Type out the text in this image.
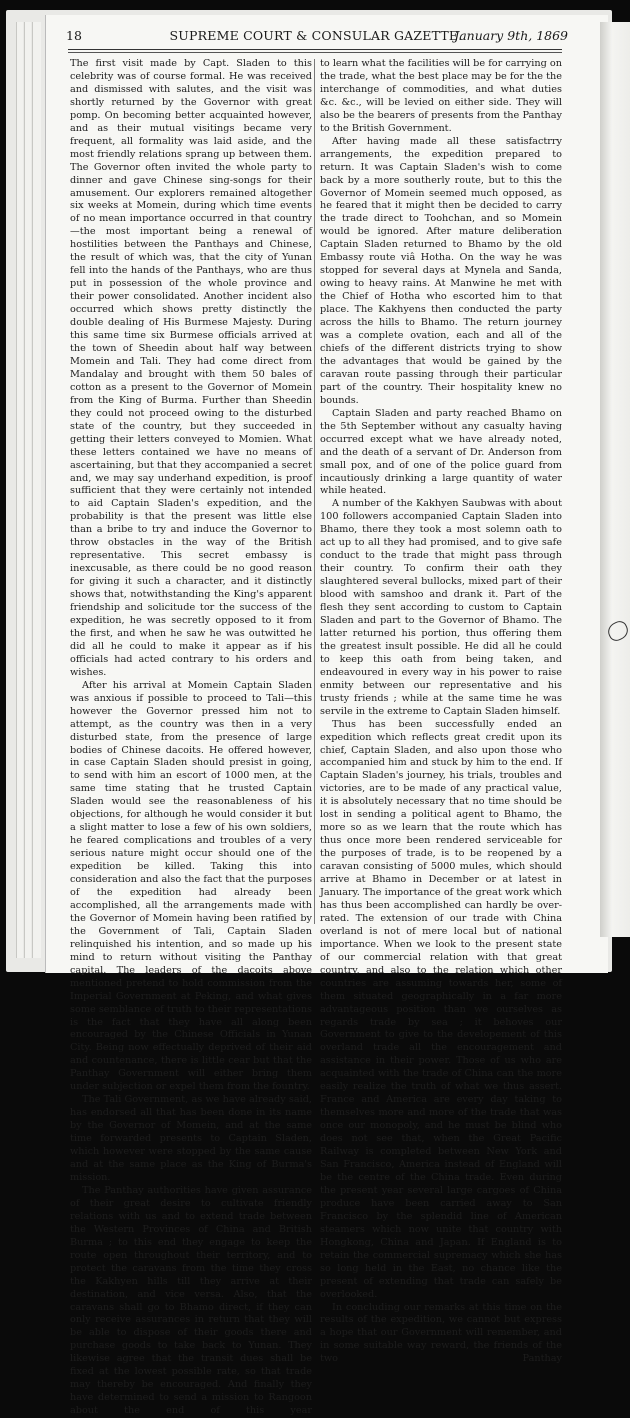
18	SUPREME COURT & CONSULAR GAZETTE.
January 9th, 1869

The first visit made by Capt. Sladen to this celebrity was of course formal. He was received and dismissed with salutes, and the visit was shortly returned by the Governor with great pomp. On becoming better acquainted however, and as their mutual visitings became very frequent, all formality was laid aside, and the most friendly relations sprang up between them. The Governor often invited the whole party to dinner and gave Chinese sing-songs for their amusement. Our explorers remained altogether six weeks at Momein, during which time events of no mean importance occurred in that country—the most important being a renewal of hostilities between the Panthays and Chinese, the result of which was, that the city of Yunan fell into the hands of the Panthays, who are thus put in possession of the whole province and their power consolidated. Another incident also occurred which shows pretty distinctly the double dealing of His Burmese Majesty. During this same time six Burmese officials arrived at the town of Sheedin about half way between Momein and Tali. They had come direct from Mandalay and brought with them 50 bales of cotton as a present to the Governor of Momein from the King of Burma. Further than Sheedin they could not proceed owing to the disturbed state of the country, but they succeeded in getting their letters conveyed to Momien. What these letters contained we have no means of ascertaining, but that they accompanied a secret and, we may say underhand expedition, is proof sufficient that they were certainly not intended to aid Captain Sladen's expedition, and the probability is that the present was little else than a bribe to try and induce the Governor to throw obstacles in the way of the British representative. This secret embassy is inexcusable, as there could be no good reason for giving it such a character, and it distinctly shows that, notwithstanding the King's apparent friendship and solicitude tor the success of the expedition, he was secretly opposed to it from the first, and when he saw he was outwitted he did all he could to make it appear as if his officials had acted contrary to his orders and wishes.

After his arrival at Momein Captain Sladen was anxious if possible to proceed to Tali—this however the Governor pressed him not to attempt, as the country was then in a very disturbed state, from the presence of large bodies of Chinese dacoits. He offered however, in case Captain Sladen should presist in going, to send with him an escort of 1000 men, at the same time stating that he trusted Captain Sladen would see the reasonableness of his objections, for although he would consider it but a slight matter to lose a few of his own soldiers, he feared complications and troubles of a very serious nature might occur should one of the expedition be killed. Taking this into consideration and also the fact that the purposes of the expedition had already been accomplished, all the arrangements made with the Governor of Momein having been ratified by the Government of Tali, Captain Sladen relinquished his intention, and so made up his mind to return without visiting the Panthay capital. The leaders of the dacoits above mentioned pretend to hold commission from the Imperial Government at Peking, and what gives some semblance of truth to their representations is the fact that they have all along been encouraged by the Chinese Officials in Yunan City. Being now effectually deprived of their aid and countenance, there is little cear but that the Panthay Government will either bring them under subjection or expel them from the fountry.

The Tali Government, as we have already said, has endorsed all that has been done in its name by the Governor of Momein, and at the same time forwarded presents to Captain Sladen, which however were stopped by the same cause and at the same place as the King of Burma's mission.

The Panthay authorities have given assurance of their great desire to cultivate friendly relations with us and to extend trade between the Western Provinces of China and British Burma ; to this end they engage to keep the route open throughout their territory, and to protect the caravans from the time they cross the Kakhyen hills till they arrive at their destination, and vice versa. Also, that the caravans shall go to Bhamo direct, if they can only receive assurances in return that they will be able to dispose of their goods there and purchase goods to take back to Yunan. They likewise agree that the transit dues shall be fixed at the lowest possible rate, so that trade may thereby be encouraged. And finally they have determined to send a mission to Rangoon about the end of this year

to learn what the facilities will be for carrying on the trade, what the best place may be for the the interchange of commodities, and what duties &c. &c., will be levied on either side. They will also be the bearers of presents from the Panthay to the British Government.

After having made all these satisfactrry arrangements, the expedition prepared to return. It was Captain Sladen's wish to come back by a more southerly route, but to this the Governor of Momein seemed much opposed, as he feared that it might then be decided to carry the trade direct to Toohchan, and so Momein would be ignored. After mature deliberation Captain Sladen returned to Bhamo by the old Embassy route viâ Hotha. On the way he was stopped for several days at Mynela and Sanda, owing to heavy rains. At Manwine he met with the Chief of Hotha who escorted him to that place. The Kakhyens then conducted the party across the hills to Bhamo. The return journey was a complete ovation, each and all of the chiefs of the different districts trying to show the advantages that would be gained by the caravan route passing through their particular part of the country. Their hospitality knew no bounds.

Captain Sladen and party reached Bhamo on the 5th September without any casualty having occurred except what we have already noted, and the death of a servant of Dr. Anderson from small pox, and of one of the police guard from incautiously drinking a large quantity of water while heated.

A number of the Kakhyen Saubwas with about 100 followers accompanied Captain Sladen into Bhamo, there they took a most solemn oath to act up to all they had promised, and to give safe conduct to the trade that might pass through their country. To confirm their oath they slaughtered several bullocks, mixed part of their blood with samshoo and drank it. Part of the flesh they sent according to custom to Captain Sladen and part to the Governor of Bhamo. The latter returned his portion, thus offering them the greatest insult possible. He did all he could to keep this oath from being taken, and endeavoured in every way in his power to raise enmity between our representative and his trusty friends ; while at the same time he was servile in the extreme to Captain Sladen himself.

Thus has been successfully ended an expedition which reflects great credit upon its chief, Captain Sladen, and also upon those who accompanied him and stuck by him to the end. If Captain Sladen's journey, his trials, troubles and victories, are to be made of any practical value, it is absolutely necessary that no time should be lost in sending a political agent to Bhamo, the more so as we learn that the route which has thus once more been rendered serviceable for the purposes of trade, is to be reopened by a caravan consisting of 5000 mules, which should arrive at Bhamo in December or at latest in January. The importance of the great work which has thus been accomplished can hardly be over-rated. The extension of our trade with China overland is not of mere local but of national importance. When we look to the present state of our commercial relation with that great country, and also to the relation which other countries are assuming towards her, some of them situated geographically in a far more advantageous position than we ourselves as regards trade by sea ; it behoves our Government to give to the developement of this overland trade all the encouragement and assistance in their power. Those of us who are acquainted with the trade of China can the more easily realize the truth of what we thus assert. France and America are every day taking to themselves more and more of the trade that was once our monopoly, and he must be blind who does not see that, when the Great Pacific Railway is completed between New York and San Francisco, America instead of England will be the centre of the China trade. Even during the present year several large cargoes of China produce have been carried away to San Francisco by the splendid line of American steamers which now unite that country with Hongkong, China and Japan. If England is to retain the commercial supremacy which she has so long held in the East, no chance like the present of extending that trade can safely be overlooked.

In concluding our remarks at this time on the results of the expedition, we cannot but express a hope that our Government will remember, and in some suitable way reward, the friends of the two Panthay
